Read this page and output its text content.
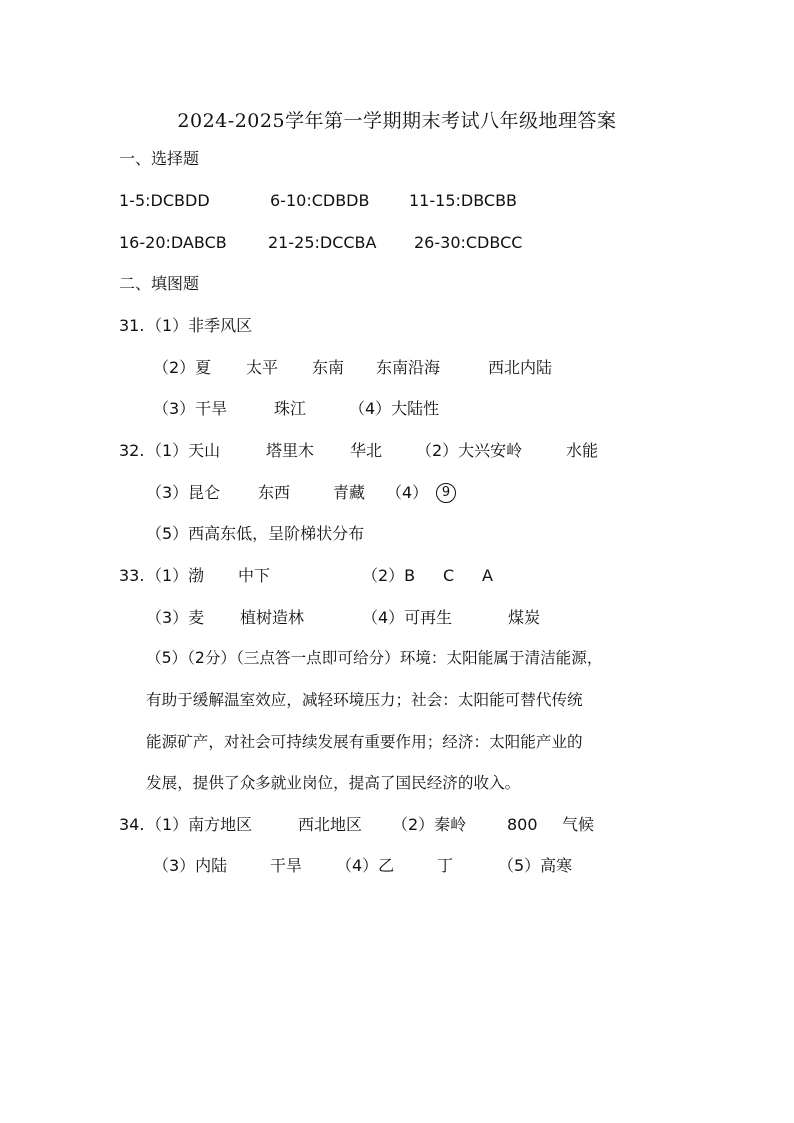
2024-2025学年第一学期期末考试八年级地理答案
一、选择题
1-5:DCBDD	6-10:CDBDB 11-15:DBCBB
16-20:DABCB	21-25:DCCBA 26-30:CDBCC
二、填图题
31. （1）非季风区
（2）夏 太平 东南 东南沿海	西北内陆
（3）干旱	珠江	（4）大陆性
32. （1）天山	塔里木 华北 （2）大兴安岭	水能
（3）昆仑 东西	青藏 （4）	9
（5）西高东低，呈阶梯状分布
33. （1）渤 中下	（2）B C A
（3）麦 植树造林	（4）可再生	煤炭
（5）（2分）（三点答一点即可给分）环境：太阳能属于清洁能源，
有助于缓解温室效应，减轻环境压力；社会：太阳能可替代传统
能源矿产，对社会可持续发展有重要作用；经济：太阳能产业的
发展，提供了众多就业岗位，提高了国民经济的收入。
34. （1）南方地区	西北地区 （2）秦岭	800 气候
（3）内陆	干旱 （4）乙	丁	（5）高寒
